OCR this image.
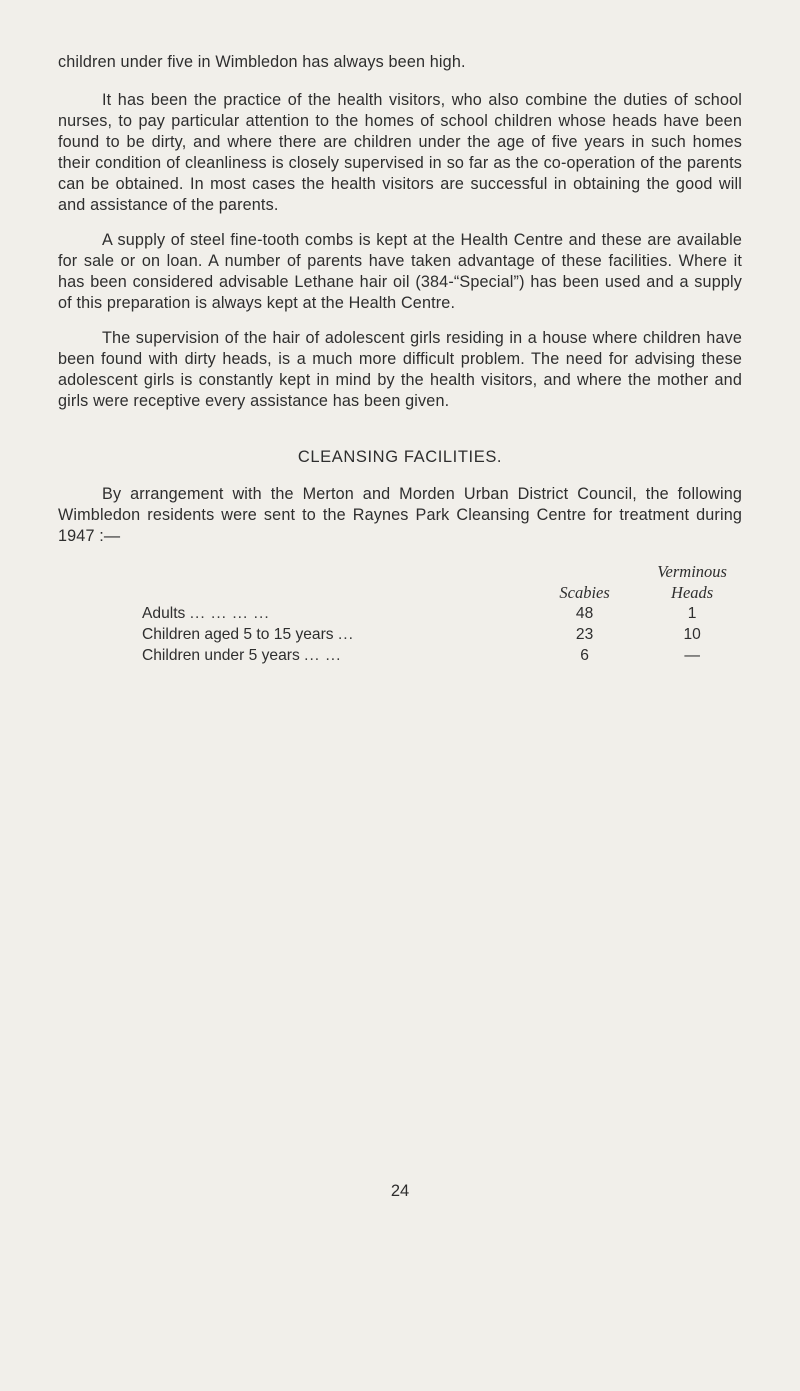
children under five in Wimbledon has always been high.

It has been the practice of the health visitors, who also combine the duties of school nurses, to pay particular attention to the homes of school children whose heads have been found to be dirty, and where there are children under the age of five years in such homes their condition of cleanliness is closely supervised in so far as the co-operation of the parents can be obtained. In most cases the health visitors are successful in obtaining the good will and assistance of the parents.

A supply of steel fine-tooth combs is kept at the Health Centre and these are available for sale or on loan. A number of parents have taken advantage of these facilities. Where it has been considered advisable Lethane hair oil (384-“Special”) has been used and a supply of this preparation is always kept at the Health Centre.

The supervision of the hair of adolescent girls residing in a house where children have been found with dirty heads, is a much more difficult problem. The need for advising these adolescent girls is constantly kept in mind by the health visitors, and where the mother and girls were receptive every assistance has been given.

CLEANSING FACILITIES.

By arrangement with the Merton and Morden Urban District Council, the following Wimbledon residents were sent to the Raynes Park Cleansing Centre for treatment during 1947 :—

	Scabies	Verminous
Heads

Adults ... ... ... ...	48	1
Children aged 5 to 15 years ...	23	10
Children under 5 years ... ...	6	—
24
